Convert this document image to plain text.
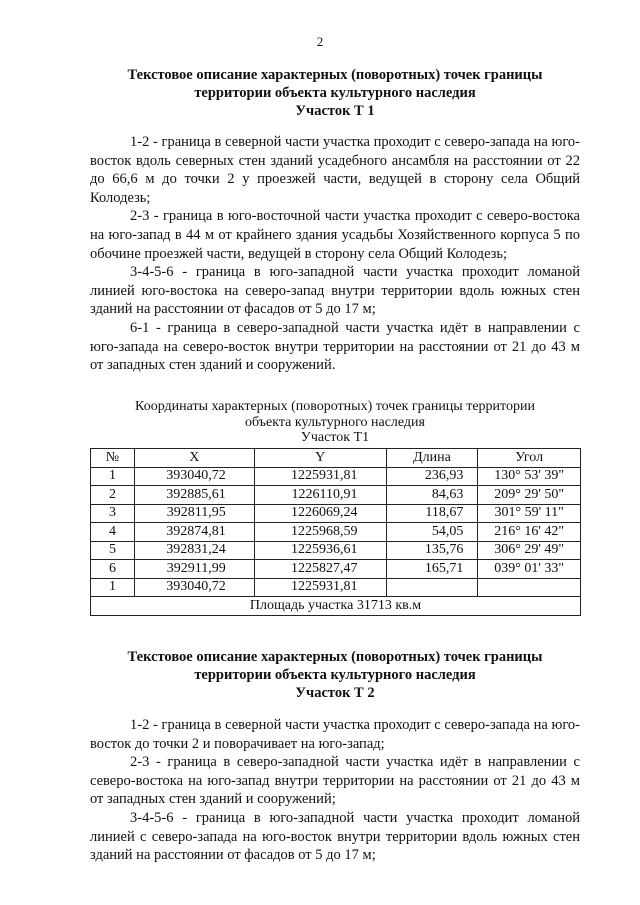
2
Текстовое описание характерных (поворотных) точек границы
территории объекта культурного наследия
Участок Т 1

1-2 - граница в северной части участка проходит с северо-запада на юго-восток вдоль северных стен зданий усадебного ансамбля на расстоянии от 22 до 66,6 м до точки 2 у проезжей части, ведущей в сторону села Общий Колодезь;

2-3 - граница в юго-восточной части участка проходит с северо-востока на юго-запад в 44 м от крайнего здания усадьбы Хозяйственного корпуса 5 по обочине проезжей части, ведущей в сторону села Общий Колодезь;

3-4-5-6 - граница в юго-западной части участка проходит ломаной линией юго-востока на северо-запад внутри территории вдоль южных стен зданий на расстоянии от фасадов от 5 до 17 м;

6-1 - граница в северо-западной части участка идёт в направлении с юго-запада на северо-восток внутри территории на расстоянии от 21 до 43 м от западных стен зданий и сооружений.

Координаты характерных (поворотных) точек границы территории
объекта культурного наследия
Участок Т1
№	X	Y	Длина	Угол
1	393040,72	1225931,81	236,93	130° 53' 39"
2	392885,61	1226110,91	84,63	209° 29' 50"
3	392811,95	1226069,24	118,67	301° 59' 11"
4	392874,81	1225968,59	54,05	216° 16' 42"
5	392831,24	1225936,61	135,76	306° 29' 49"
6	392911,99	1225827,47	165,71	039° 01' 33"
1	393040,72	1225931,81		
Площадь участка 31713 кв.м				
Текстовое описание характерных (поворотных) точек границы
территории объекта культурного наследия
Участок Т 2

1-2 - граница в северной части участка проходит с северо-запада на юго-восток до точки 2 и поворачивает на юго-запад;

2-3 - граница в северо-западной части участка идёт в направлении с северо-востока на юго-запад внутри территории на расстоянии от 21 до 43 м от западных стен зданий и сооружений;

3-4-5-6 - граница в юго-западной части участка проходит ломаной линией с северо-запада на юго-восток внутри территории вдоль южных стен зданий на расстоянии от фасадов от 5 до 17 м;
